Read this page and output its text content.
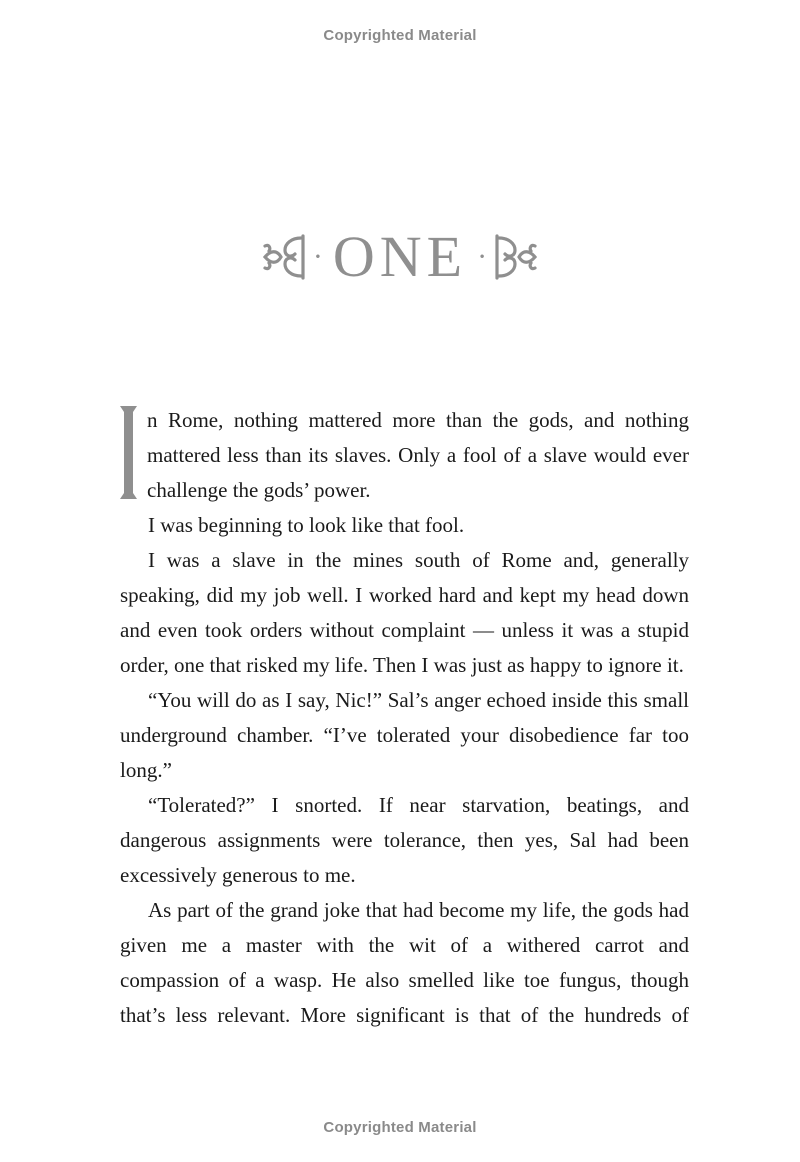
Copyrighted Material
· ONE ·

I
n Rome, nothing mattered more than the gods, and nothing
mattered less than its slaves. Only a fool of a slave would ever
challenge the gods’ power.

I was beginning to look like that fool.

I was a slave in the mines south of Rome and, generally speaking, did my job well. I worked hard and kept my head down and even took orders without complaint — unless it was a stupid order, one that risked my life. Then I was just as happy to ignore it.

“You will do as I say, Nic!” Sal’s anger echoed inside this small underground chamber. “I’ve tolerated your disobedience far too long.”

“Tolerated?” I snorted. If near starvation, beatings, and dangerous assignments were tolerance, then yes, Sal had been excessively generous to me.

As part of the grand joke that had become my life, the gods had given me a master with the wit of a withered carrot and compassion of a wasp. He also smelled like toe fungus, though that’s less relevant. More significant is that of the hundreds of

Copyrighted Material
